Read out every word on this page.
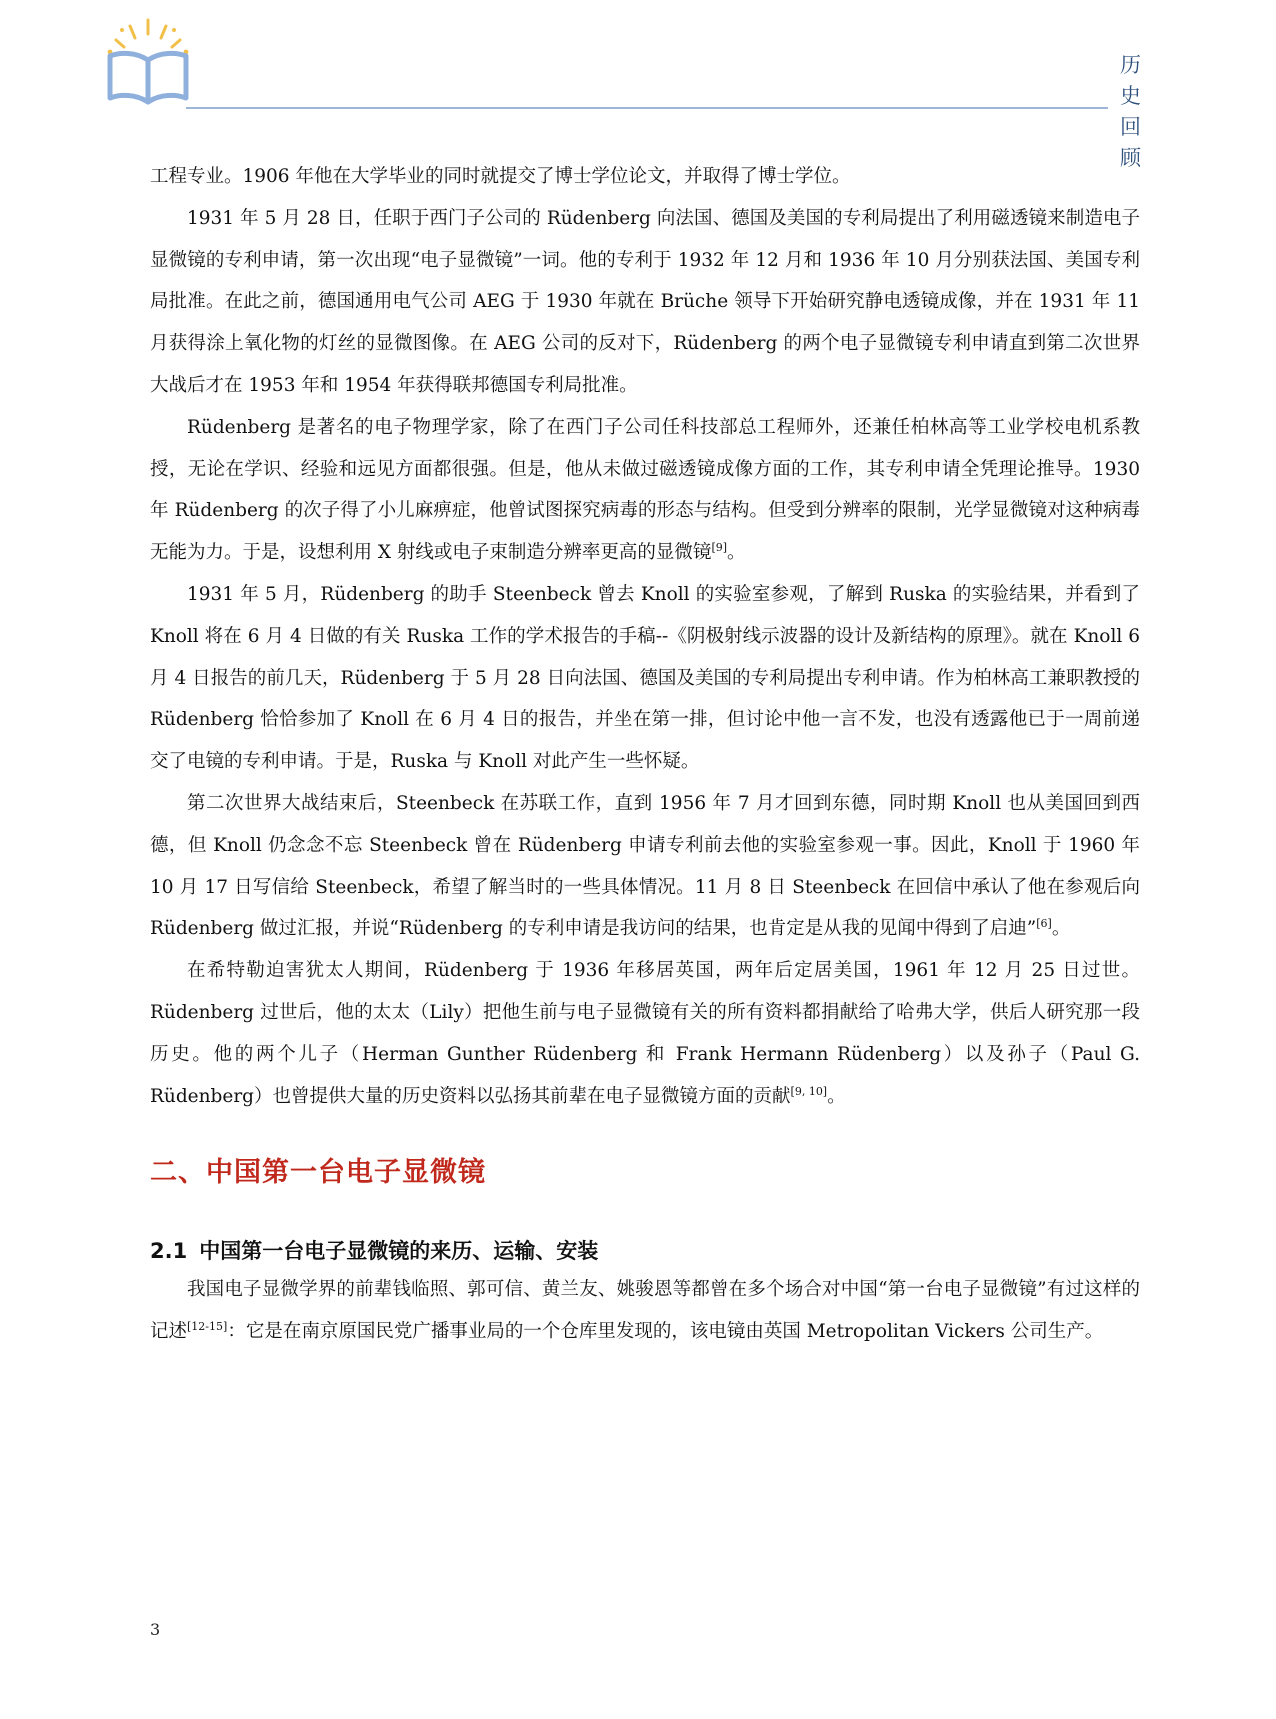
历 史
回 顾

工程专业。1906 年他在大学毕业的同时就提交了博士学位论文，并取得了博士学位。

1931 年 5 月 28 日，任职于西门子公司的 Rüdenberg 向法国、德国及美国的专利局提出了利用磁透镜来制造电子显微镜的专利申请，第一次出现“电子显微镜”一词。他的专利于 1932 年 12 月和 1936 年 10 月分别获法国、美国专利局批准。在此之前，德国通用电气公司 AEG 于 1930 年就在 Brüche 领导下开始研究静电透镜成像，并在 1931 年 11 月获得涂上氧化物的灯丝的显微图像。在 AEG 公司的反对下，Rüdenberg 的两个电子显微镜专利申请直到第二次世界大战后才在 1953 年和 1954 年获得联邦德国专利局批准。

Rüdenberg 是著名的电子物理学家，除了在西门子公司任科技部总工程师外，还兼任柏林高等工业学校电机系教授，无论在学识、经验和远见方面都很强。但是，他从未做过磁透镜成像方面的工作，其专利申请全凭理论推导。1930 年 Rüdenberg 的次子得了小儿麻痹症，他曾试图探究病毒的形态与结构。但受到分辨率的限制，光学显微镜对这种病毒无能为力。于是，设想利用 X 射线或电子束制造分辨率更高的显微镜[9]。

1931 年 5 月，Rüdenberg 的助手 Steenbeck 曾去 Knoll 的实验室参观，了解到 Ruska 的实验结果，并看到了 Knoll 将在 6 月 4 日做的有关 Ruska 工作的学术报告的手稿--《阴极射线示波器的设计及新结构的原理》。就在 Knoll 6 月 4 日报告的前几天，Rüdenberg 于 5 月 28 日向法国、德国及美国的专利局提出专利申请。作为柏林高工兼职教授的 Rüdenberg 恰恰参加了 Knoll 在 6 月 4 日的报告，并坐在第一排，但讨论中他一言不发，也没有透露他已于一周前递交了电镜的专利申请。于是，Ruska 与 Knoll 对此产生一些怀疑。

第二次世界大战结束后，Steenbeck 在苏联工作，直到 1956 年 7 月才回到东德，同时期 Knoll 也从美国回到西德，但 Knoll 仍念念不忘 Steenbeck 曾在 Rüdenberg 申请专利前去他的实验室参观一事。因此，Knoll 于 1960 年 10 月 17 日写信给 Steenbeck，希望了解当时的一些具体情况。11 月 8 日 Steenbeck 在回信中承认了他在参观后向 Rüdenberg 做过汇报，并说“Rüdenberg 的专利申请是我访问的结果，也肯定是从我的见闻中得到了启迪”[6]。

在希特勒迫害犹太人期间，Rüdenberg 于 1936 年移居英国，两年后定居美国，1961 年 12 月 25 日过世。Rüdenberg 过世后，他的太太（Lily）把他生前与电子显微镜有关的所有资料都捐献给了哈弗大学，供后人研究那一段历史。他的两个儿子（Herman Gunther Rüdenberg 和 Frank Hermann Rüdenberg）以及孙子（Paul G. Rüdenberg）也曾提供大量的历史资料以弘扬其前辈在电子显微镜方面的贡献[9, 10]。

二、中国第一台电子显微镜
2.1 中国第一台电子显微镜的来历、运输、安装

我国电子显微学界的前辈钱临照、郭可信、黄兰友、姚骏恩等都曾在多个场合对中国“第一台电子显微镜”有过这样的记述[12-15]：它是在南京原国民党广播事业局的一个仓库里发现的，该电镜由英国 Metropolitan Vickers 公司生产。

3
